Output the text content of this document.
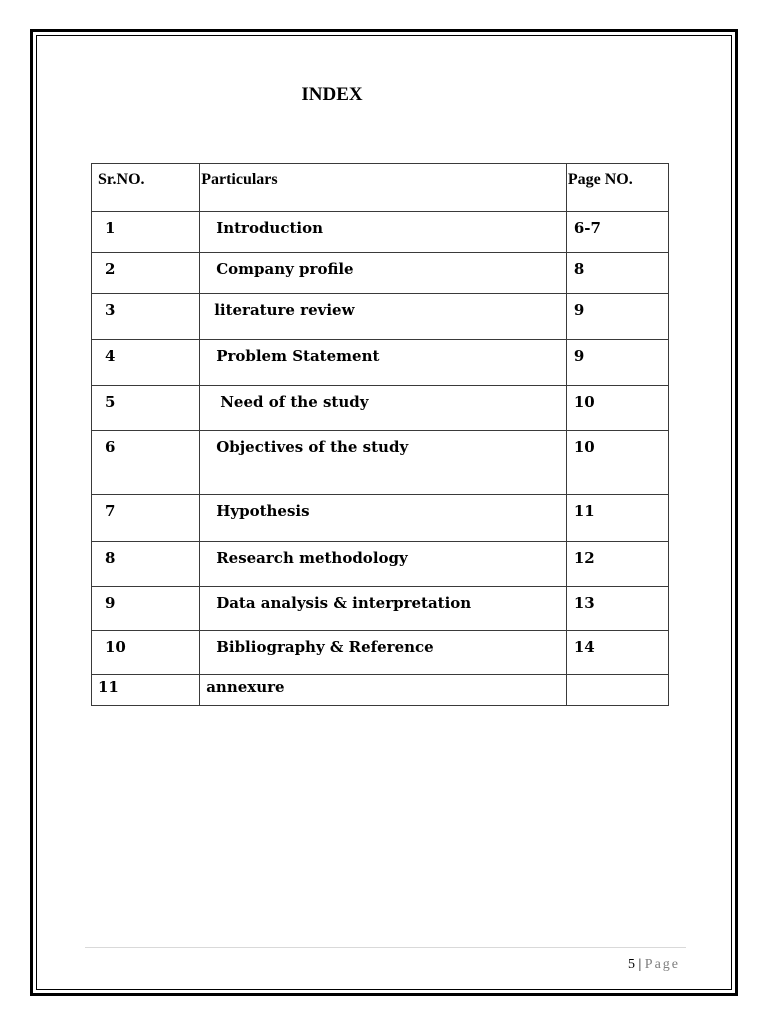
INDEX
Sr.NO.	Particulars	Page NO.

1	Introduction	6-7

2	Company profile	8

3	literature review	9

4	Problem Statement	9

5	Need of the study	10

6	Objectives of the study	10

7	Hypothesis	11

8	Research methodology	12

9	Data analysis & interpretation	13

10	Bibliography & Reference	14

11	annexure	

5 | Page
